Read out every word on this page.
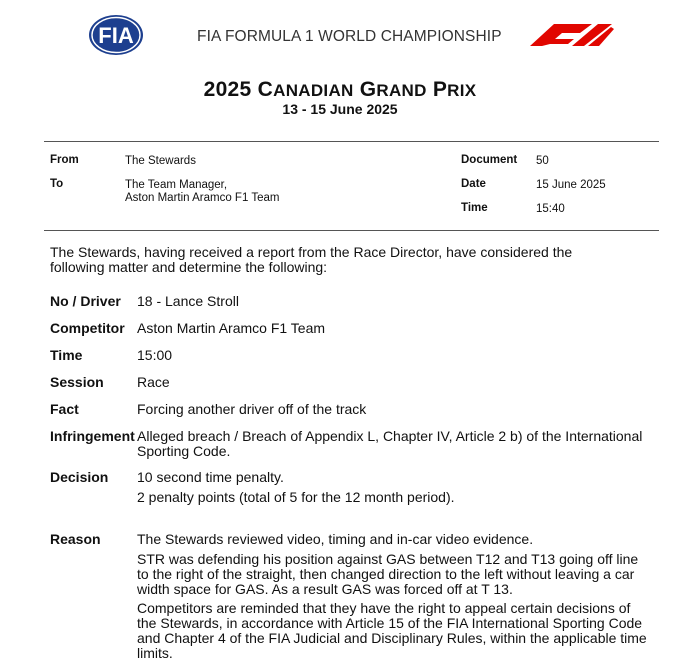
FIA	FIA FORMULA 1 WORLD CHAMPIONSHIP
2025 CANADIAN GRAND PRIX
13 - 15 June 2025
From	The Stewards
To	The Team Manager,
Aston Martin Aramco F1 Team
Document 50
Date	15 June 2025
Time	15:40
The Stewards, having received a report from the Race Director, have considered the following matter and determine the following:
No / Driver 18 - Lance Stroll
Competitor Aston Martin Aramco F1 Team
Time	15:00
Session Race
Fact	Forcing another driver off of the track
Infringement Alleged breach / Breach of Appendix L, Chapter IV, Article 2 b) of the International Sporting Code.
Decision 10 second time penalty.
2 penalty points (total of 5 for the 12 month period).
Reason	The Stewards reviewed video, timing and in-car video evidence.
STR was defending his position against GAS between T12 and T13 going off line to the right of the straight, then changed direction to the left without leaving a car width space for GAS. As a result GAS was forced off at T 13.
Competitors are reminded that they have the right to appeal certain decisions of the Stewards, in accordance with Article 15 of the FIA International Sporting Code and Chapter 4 of the FIA Judicial and Disciplinary Rules, within the applicable time limits.
